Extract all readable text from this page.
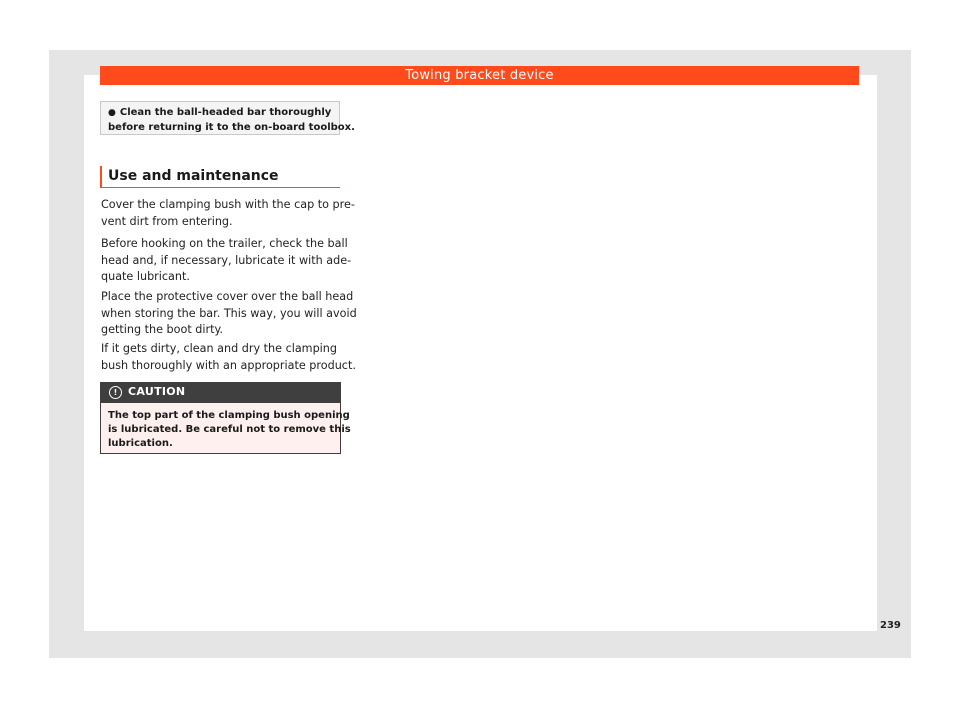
Towing bracket device
● Clean the ball-headed bar thoroughly
before returning it to the on-board toolbox.
Use and maintenance
Cover the clamping bush with the cap to pre-
vent dirt from entering.
Before hooking on the trailer, check the ball
head and, if necessary, lubricate it with ade-
quate lubricant.
Place the protective cover over the ball head
when storing the bar. This way, you will avoid
getting the boot dirty.
If it gets dirty, clean and dry the clamping
bush thoroughly with an appropriate product.
! CAUTION
The top part of the clamping bush opening
is lubricated. Be careful not to remove this
lubrication.
239
